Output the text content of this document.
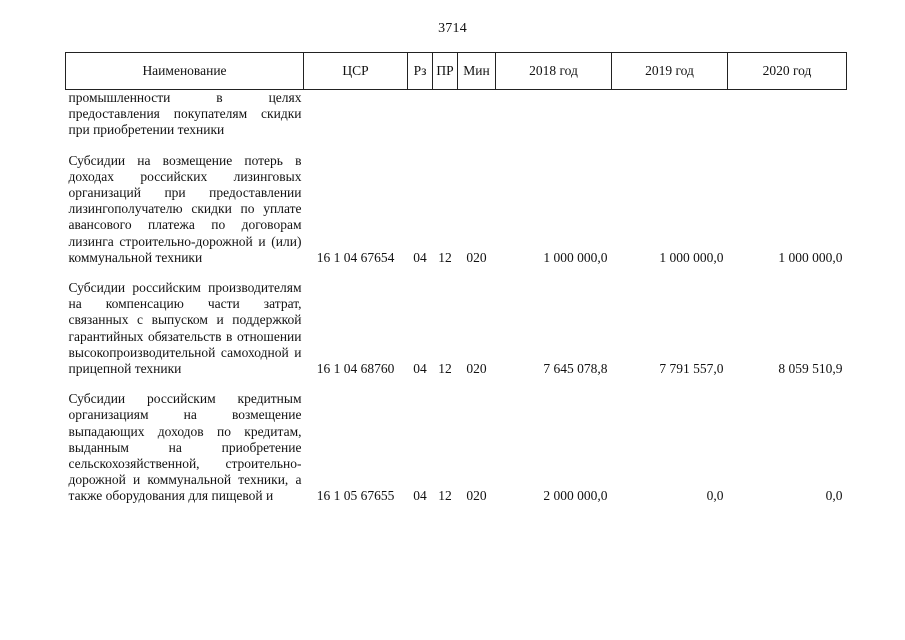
3714
Наименование	ЦСР	Рз	ПР	Мин	2018 год	2019 год	2020 год
промышленности в целях предоставления покупателям скидки при приобретении техники							

Субсидии на возмещение потерь в доходах российских лизинговых организаций при предоставлении лизингополучателю скидки по уплате авансового платежа по договорам лизинга строительно-дорожной и (или) коммунальной техники	16 1 04 67654	04	12	020	1 000 000,0	1 000 000,0	1 000 000,0

Субсидии российским производителям на компенсацию части затрат, связанных с выпуском и поддержкой гарантийных обязательств в отношении высокопроизводительной самоходной и прицепной техники	16 1 04 68760	04	12	020	7 645 078,8	7 791 557,0	8 059 510,9

Субсидии российским кредитным организациям на возмещение выпадающих доходов по кредитам, выданным на приобретение сельскохозяйственной, строительно-дорожной и коммунальной техники, а также оборудования для пищевой и	16 1 05 67655	04	12	020	2 000 000,0	0,0	0,0
